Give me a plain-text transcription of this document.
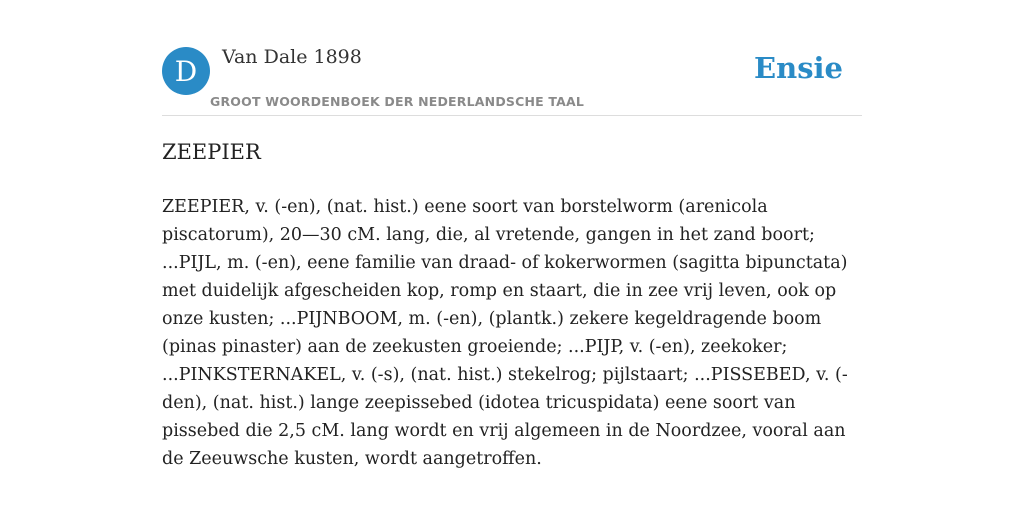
D	Van Dale 1898
GROOT WOORDENBOEK DER NEDERLANDSCHE TAAL
Ensie
ZEEPIER

ZEEPIER, v. (-en), (nat. hist.) eene soort van borstelworm (arenicola piscatorum), 20—30 cM. lang, die, al vretende, gangen in het zand boort; ...PIJL, m. (-en), eene familie van draad- of kokerwormen (sagitta bipunctata) met duidelijk afgescheiden kop, romp en staart, die in zee vrij leven, ook op onze kusten; ...PIJNBOOM, m. (-en), (plantk.) zekere kegeldragende boom (pinas pinaster) aan de zeekusten groeiende; ...PIJP, v. (-en), zeekoker; ...PINKSTERNAKEL, v. (-s), (nat. hist.) stekelrog; pijlstaart; ...PISSEBED, v. (-den), (nat. hist.) lange zeepissebed (idotea tricuspidata) eene soort van pissebed die 2,5 cM. lang wordt en vrij algemeen in de Noordzee, vooral aan de Zeeuwsche kusten, wordt aangetroffen.
